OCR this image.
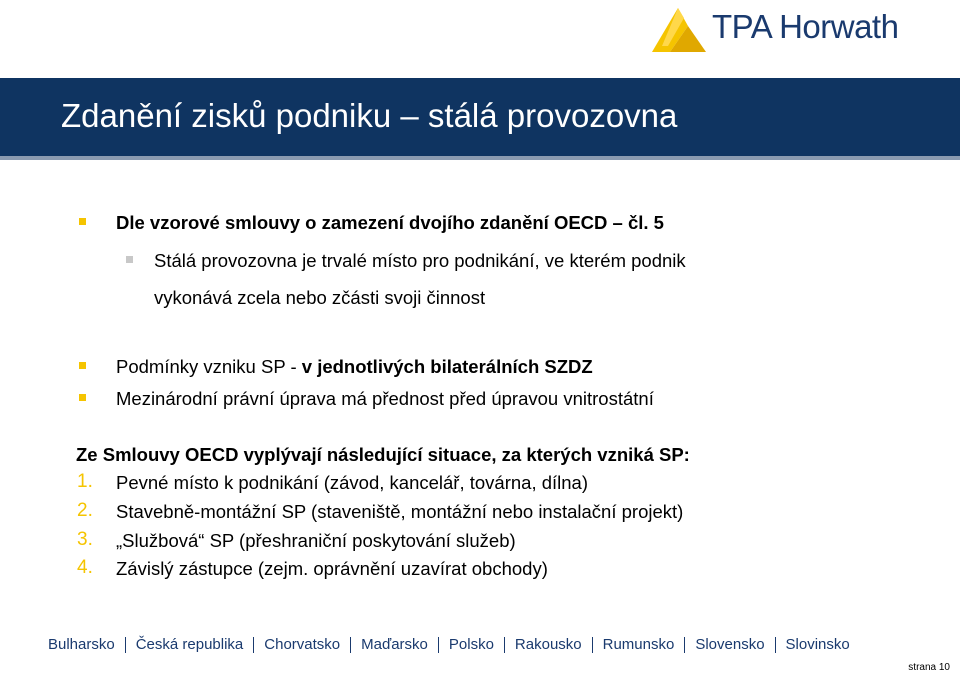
TPA Horwath
Zdanění zisků podniku – stálá provozovna
Dle vzorové smlouvy o zamezení dvojího zdanění OECD – čl. 5
Stálá provozovna je trvalé místo pro podnikání, ve kterém podnik
vykonává zcela nebo zčásti svoji činnost
Podmínky vzniku SP - v jednotlivých bilaterálních SZDZ
Mezinárodní právní úprava má přednost před úpravou vnitrostátní
Ze Smlouvy OECD vyplývají následující situace, za kterých vzniká SP:
1. Pevné místo k podnikání (závod, kancelář, továrna, dílna)
2. Stavebně-montážní SP (staveniště, montážní nebo instalační projekt)
3. „Službová“ SP (přeshraniční poskytování služeb)
4. Závislý zástupce (zejm. oprávnění uzavírat obchody)
Bulharsko Česká republika Chorvatsko Maďarsko Polsko Rakousko Rumunsko Slovensko Slovinsko
strana 10
